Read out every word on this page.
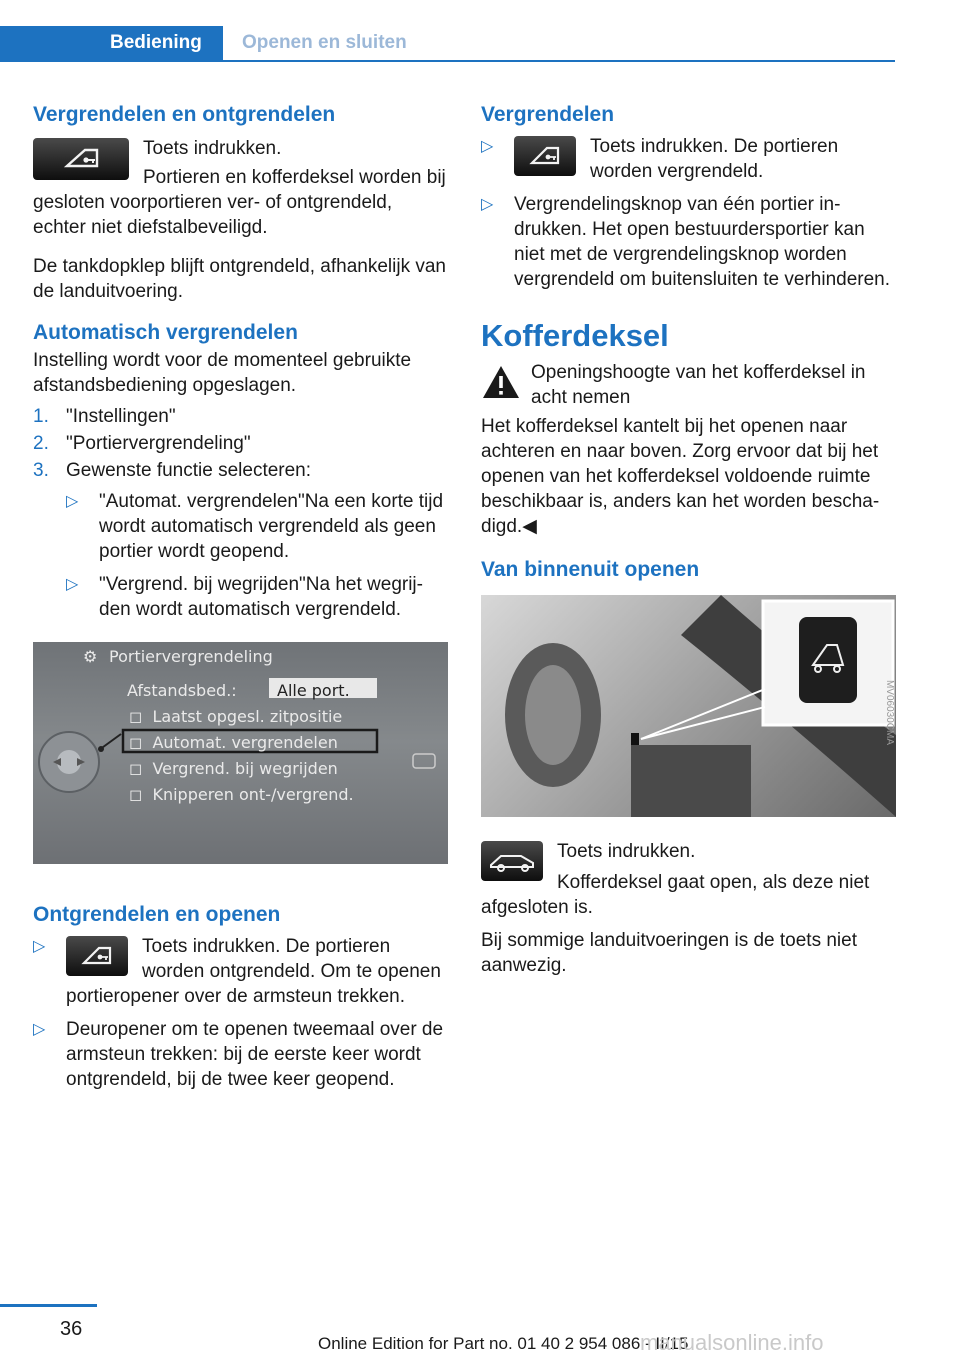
Bediening	Openen en sluiten
Vergrendelen en ontgrendelen

Toets indrukken.

Portieren en kofferdeksel worden bij gesloten voorportieren ver- of ontgrendeld, echter niet diefstalbeveiligd.

De tankdopklep blijft ontgrendeld, afhankelijk van de landuitvoering.

Automatisch vergrendelen

Instelling wordt voor de momenteel gebruikte afstandsbediening opgeslagen.

1. "Instellingen"
2. "Portiervergrendeling"
3. Gewenste functie selecteren:
▷ "Automat. vergrendelen"Na een korte tijd wordt automatisch vergrendeld als geen portier wordt geopend.
▷ "Vergrend. bij wegrijden"Na het wegrijden wordt automatisch vergrendeld.
⚙ Portiervergrendeling
Afstandsbed.:	Alle port.
◻  Laatst opgesl. zitpositie
◻  Automat. vergrendelen
◻  Vergrend. bij wegrijden
◻  Knipperen ont-/vergrend.
Ontgrendelen en openen
▷	Toets indrukken. De portieren worden ontgrendeld. Om te openen portieropener over de armsteun trekken.
▷ Deuropener om te openen tweemaal over de armsteun trekken: bij de eerste keer wordt ontgrendeld, bij de twee keer geopend.
Vergrendelen
▷	Toets indrukken. De portieren worden vergrendeld.
▷ Vergrendelingsknop van één portier indrukken. Het open bestuurdersportier kan niet met de vergrendelingsknop worden vergrendeld om buitensluiten te verhinderen.
Kofferdeksel

Openingshoogte van het kofferdeksel in acht nemen

Het kofferdeksel kantelt bij het openen naar achteren en naar boven. Zorg ervoor dat bij het openen van het kofferdeksel voldoende ruimte beschikbaar is, anders kan het worden beschadigd.◀

Van binnenuit openen
MV06030CMA

Toets indrukken.

Kofferdeksel gaat open, als deze niet afgesloten is.

Bij sommige landuitvoeringen is de toets niet aanwezig.

36
Online Edition for Part no. 01 40 2 954 086 - II/15
manualsonline.info
